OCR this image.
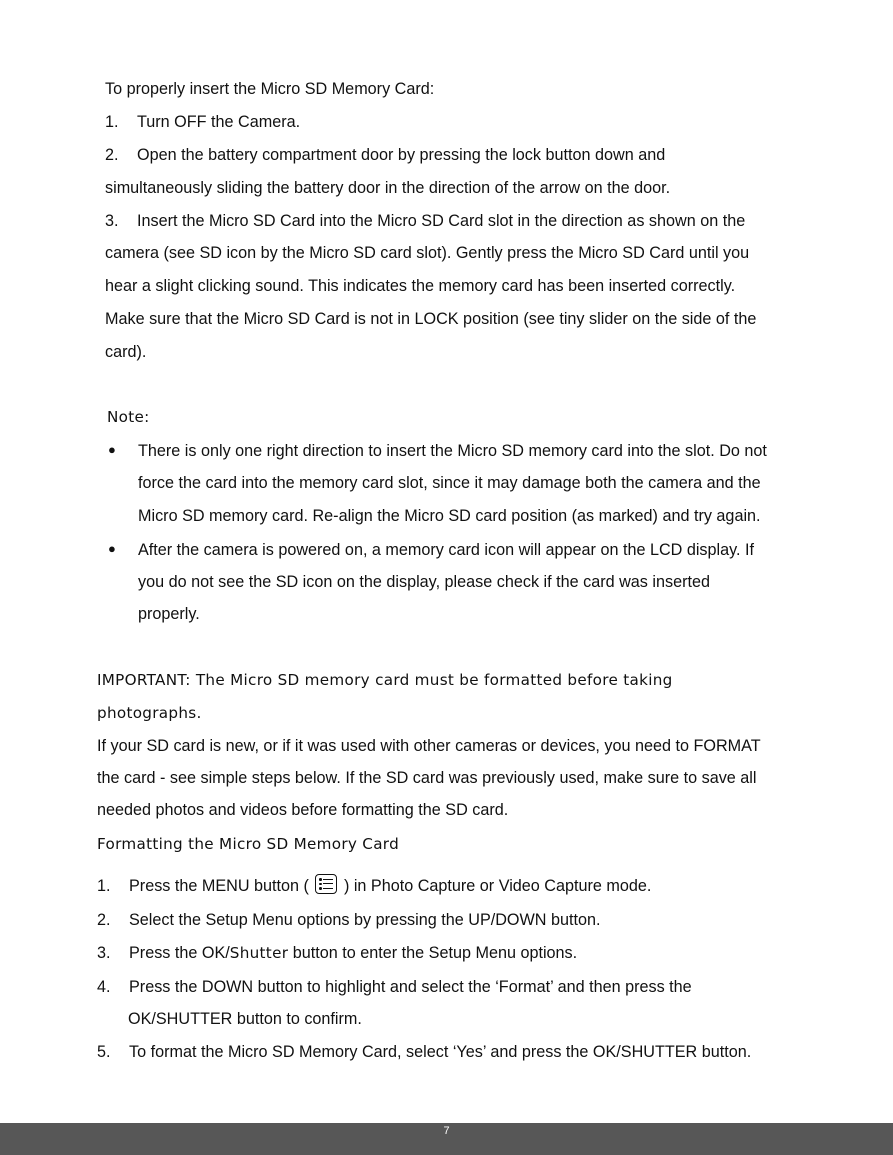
To properly insert the Micro SD Memory Card:
1. Turn OFF the Camera.
2. Open the battery compartment door by pressing the lock button down and
simultaneously sliding the battery door in the direction of the arrow on the door.
3. Insert the Micro SD Card into the Micro SD Card slot in the direction as shown on the
camera (see SD icon by the Micro SD card slot). Gently press the Micro SD Card until you
hear a slight clicking sound. This indicates the memory card has been inserted correctly.
Make sure that the Micro SD Card is not in LOCK position (see tiny slider on the side of the
card).
Note:
● There is only one right direction to insert the Micro SD memory card into the slot. Do not
force the card into the memory card slot, since it may damage both the camera and the
Micro SD memory card. Re-align the Micro SD card position (as marked) and try again.
● After the camera is powered on, a memory card icon will appear on the LCD display. If
you do not see the SD icon on the display, please check if the card was inserted
properly.
IMPORTANT: The Micro SD memory card must be formatted before taking
photographs.
If your SD card is new, or if it was used with other cameras or devices, you need to FORMAT
the card - see simple steps below. If the SD card was previously used, make sure to save all
needed photos and videos before formatting the SD card.
Formatting the Micro SD Memory Card
1. Press the MENU button ( ) in Photo Capture or Video Capture mode.
2. Select the Setup Menu options by pressing the UP/DOWN button.
3. Press the OK/Shutter button to enter the Setup Menu options.
4. Press the DOWN button to highlight and select the ‘Format’ and then press the
OK/SHUTTER button to confirm.
5. To format the Micro SD Memory Card, select ‘Yes’ and press the OK/SHUTTER button.
7
